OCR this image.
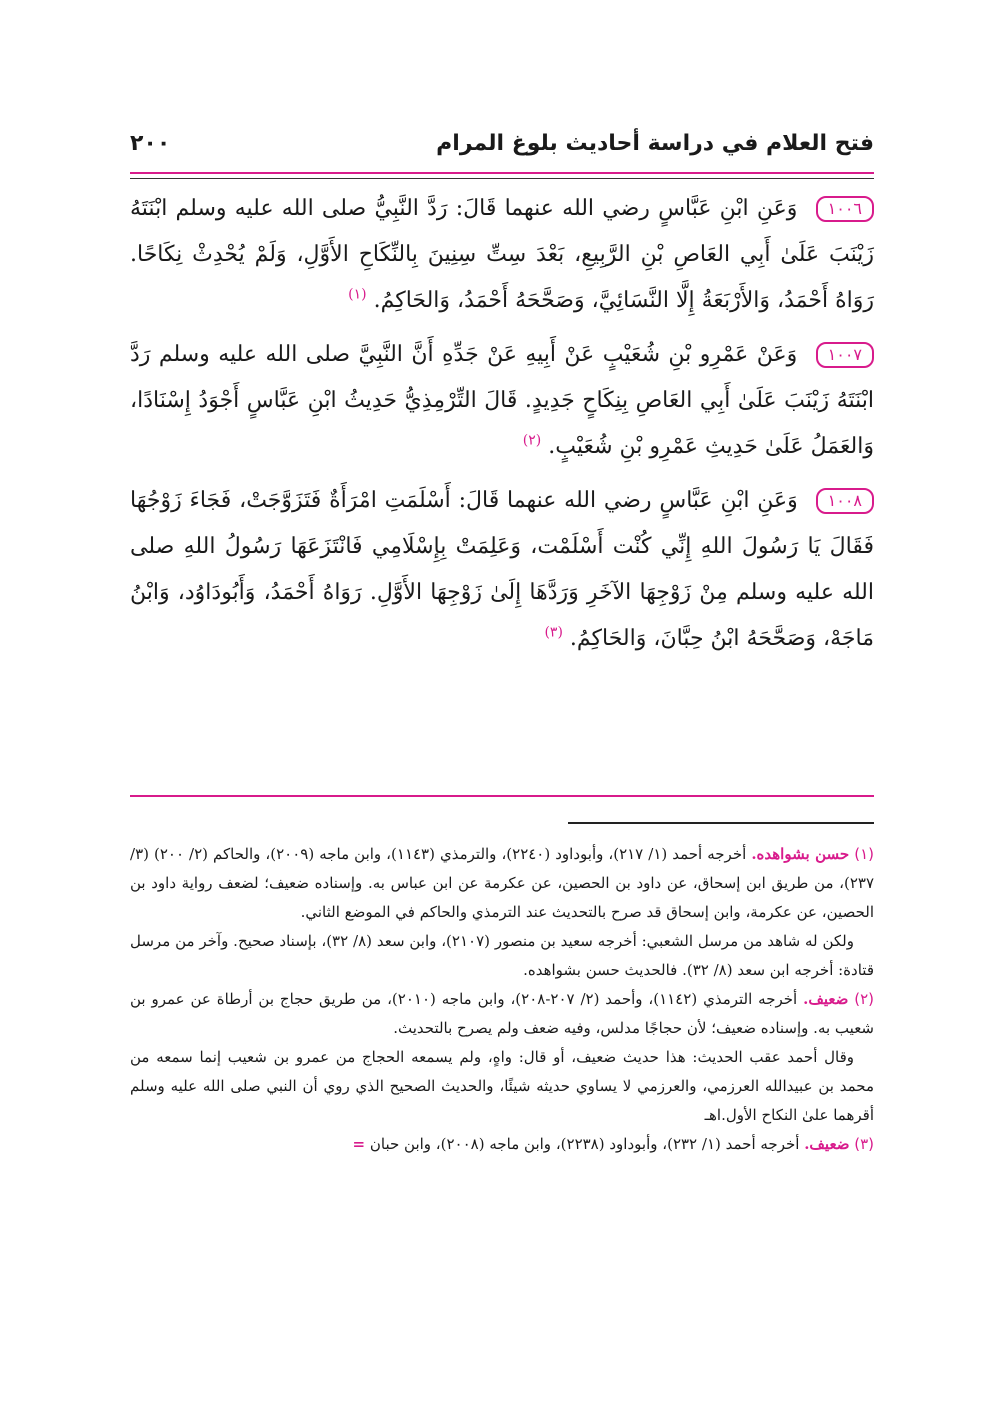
فتح العلام في دراسة أحاديث بلوغ المرام
٢٠٠

١٠٠٦ وَعَنِ ابْنِ عَبَّاسٍ رضي الله عنهما قَالَ: رَدَّ النَّبِيُّ صلى الله عليه وسلم ابْنَتَهُ زَيْنَبَ عَلَىٰ أَبِي العَاصِ بْنِ الرَّبِيعِ، بَعْدَ سِتِّ سِنِينَ بِالنِّكَاحِ الأَوَّلِ، وَلَمْ يُحْدِثْ نِكَاحًا. رَوَاهُ أَحْمَدُ، وَالأَرْبَعَةُ إِلَّا النَّسَائِيَّ، وَصَحَّحَهُ أَحْمَدُ، وَالحَاكِمُ. $^{(١)}$

١٠٠٧ وَعَنْ عَمْرِو بْنِ شُعَيْبٍ عَنْ أَبِيهِ عَنْ جَدِّهِ أَنَّ النَّبِيَّ صلى الله عليه وسلم رَدَّ ابْنَتَهُ زَيْنَبَ عَلَىٰ أَبِي العَاصِ بِنِكَاحٍ جَدِيدٍ. قَالَ التِّرْمِذِيُّ حَدِيثُ ابْنِ عَبَّاسٍ أَجْوَدُ إِسْنَادًا، وَالعَمَلُ عَلَىٰ حَدِيثِ عَمْرِو بْنِ شُعَيْبٍ. $^{(٢)}$

١٠٠٨ وَعَنِ ابْنِ عَبَّاسٍ رضي الله عنهما قَالَ: أَسْلَمَتِ امْرَأَةٌ فَتَزَوَّجَتْ، فَجَاءَ زَوْجُهَا فَقَالَ يَا رَسُولَ اللهِ إِنِّي كُنْت أَسْلَمْت، وَعَلِمَتْ بِإِسْلَامِي فَانْتَزَعَهَا رَسُولُ اللهِ صلى الله عليه وسلم مِنْ زَوْجِهَا الآخَرِ وَرَدَّهَا إِلَىٰ زَوْجِهَا الأَوَّلِ. رَوَاهُ أَحْمَدُ، وَأَبُودَاوُد، وَابْنُ مَاجَهْ، وَصَحَّحَهُ ابْنُ حِبَّانَ، وَالحَاكِمُ. $^{(٣)}$

(١) حسن بشواهده. أخرجه أحمد (١/ ٢١٧)، وأبوداود (٢٢٤٠)، والترمذي (١١٤٣)، وابن ماجه (٢٠٠٩)، والحاكم (٢/ ٢٠٠) (٣/ ٢٣٧)، من طريق ابن إسحاق، عن داود بن الحصين، عن عكرمة عن ابن عباس به. وإسناده ضعيف؛ لضعف رواية داود بن الحصين، عن عكرمة، وابن إسحاق قد صرح بالتحديث عند الترمذي والحاكم في الموضع الثاني.

ولكن له شاهد من مرسل الشعبي: أخرجه سعيد بن منصور (٢١٠٧)، وابن سعد (٨/ ٣٢)، بإسناد صحيح. وآخر من مرسل قتادة: أخرجه ابن سعد (٨/ ٣٢). فالحديث حسن بشواهده.

(٢) ضعيف. أخرجه الترمذي (١١٤٢)، وأحمد (٢/ ٢٠٧-٢٠٨)، وابن ماجه (٢٠١٠)، من طريق حجاج بن أرطاة عن عمرو بن شعيب به. وإسناده ضعيف؛ لأن حجاجًا مدلس، وفيه ضعف ولم يصرح بالتحديث.

وقال أحمد عقب الحديث: هذا حديث ضعيف، أو قال: واهٍ، ولم يسمعه الحجاج من عمرو بن شعيب إنما سمعه من محمد بن عبيدالله العرزمي، والعرزمي لا يساوي حديثه شيئًا، والحديث الصحيح الذي روي أن النبي صلى الله عليه وسلم أقرهما علىٰ النكاح الأول.اهـ

(٣) ضعيف. أخرجه أحمد (١/ ٢٣٢)، وأبوداود (٢٢٣٨)، وابن ماجه (٢٠٠٨)، وابن حبان =
